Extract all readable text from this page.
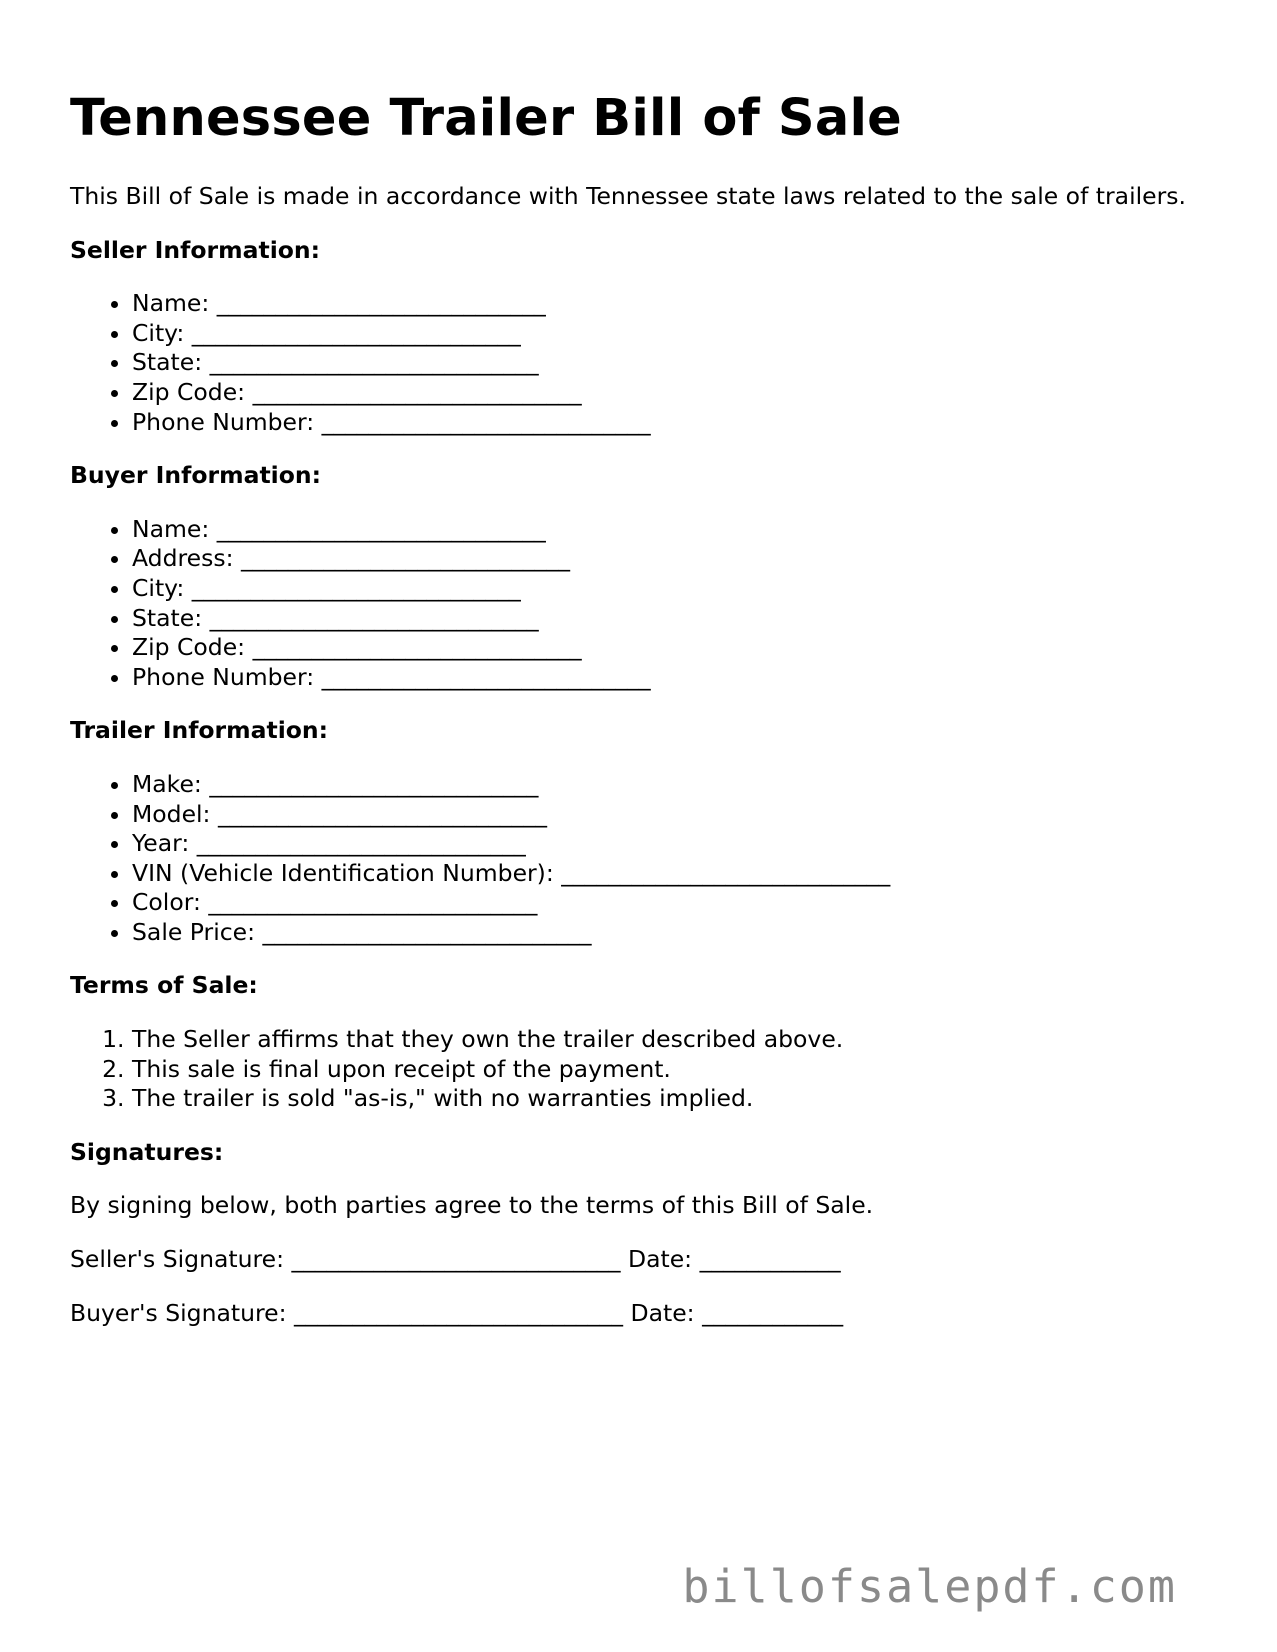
Tennessee Trailer Bill of Sale

This Bill of Sale is made in accordance with Tennessee state laws related to the sale of trailers.

Seller Information:
• Name: ____________________________
• City: ____________________________
• State: ____________________________
• Zip Code: ____________________________
• Phone Number: ____________________________
Buyer Information:
• Name: ____________________________
• Address: ____________________________
• City: ____________________________
• State: ____________________________
• Zip Code: ____________________________
• Phone Number: ____________________________
Trailer Information:
• Make: ____________________________
• Model: ____________________________
• Year: ____________________________
• VIN (Vehicle Identification Number): ____________________________
• Color: ____________________________
• Sale Price: ____________________________
Terms of Sale:
1. The Seller affirms that they own the trailer described above.
2. This sale is final upon receipt of the payment.
3. The trailer is sold "as-is," with no warranties implied.
Signatures:

By signing below, both parties agree to the terms of this Bill of Sale.

Seller's Signature: ____________________________ Date: ____________
Buyer's Signature: ____________________________ Date: ____________
billofsalepdf.com
